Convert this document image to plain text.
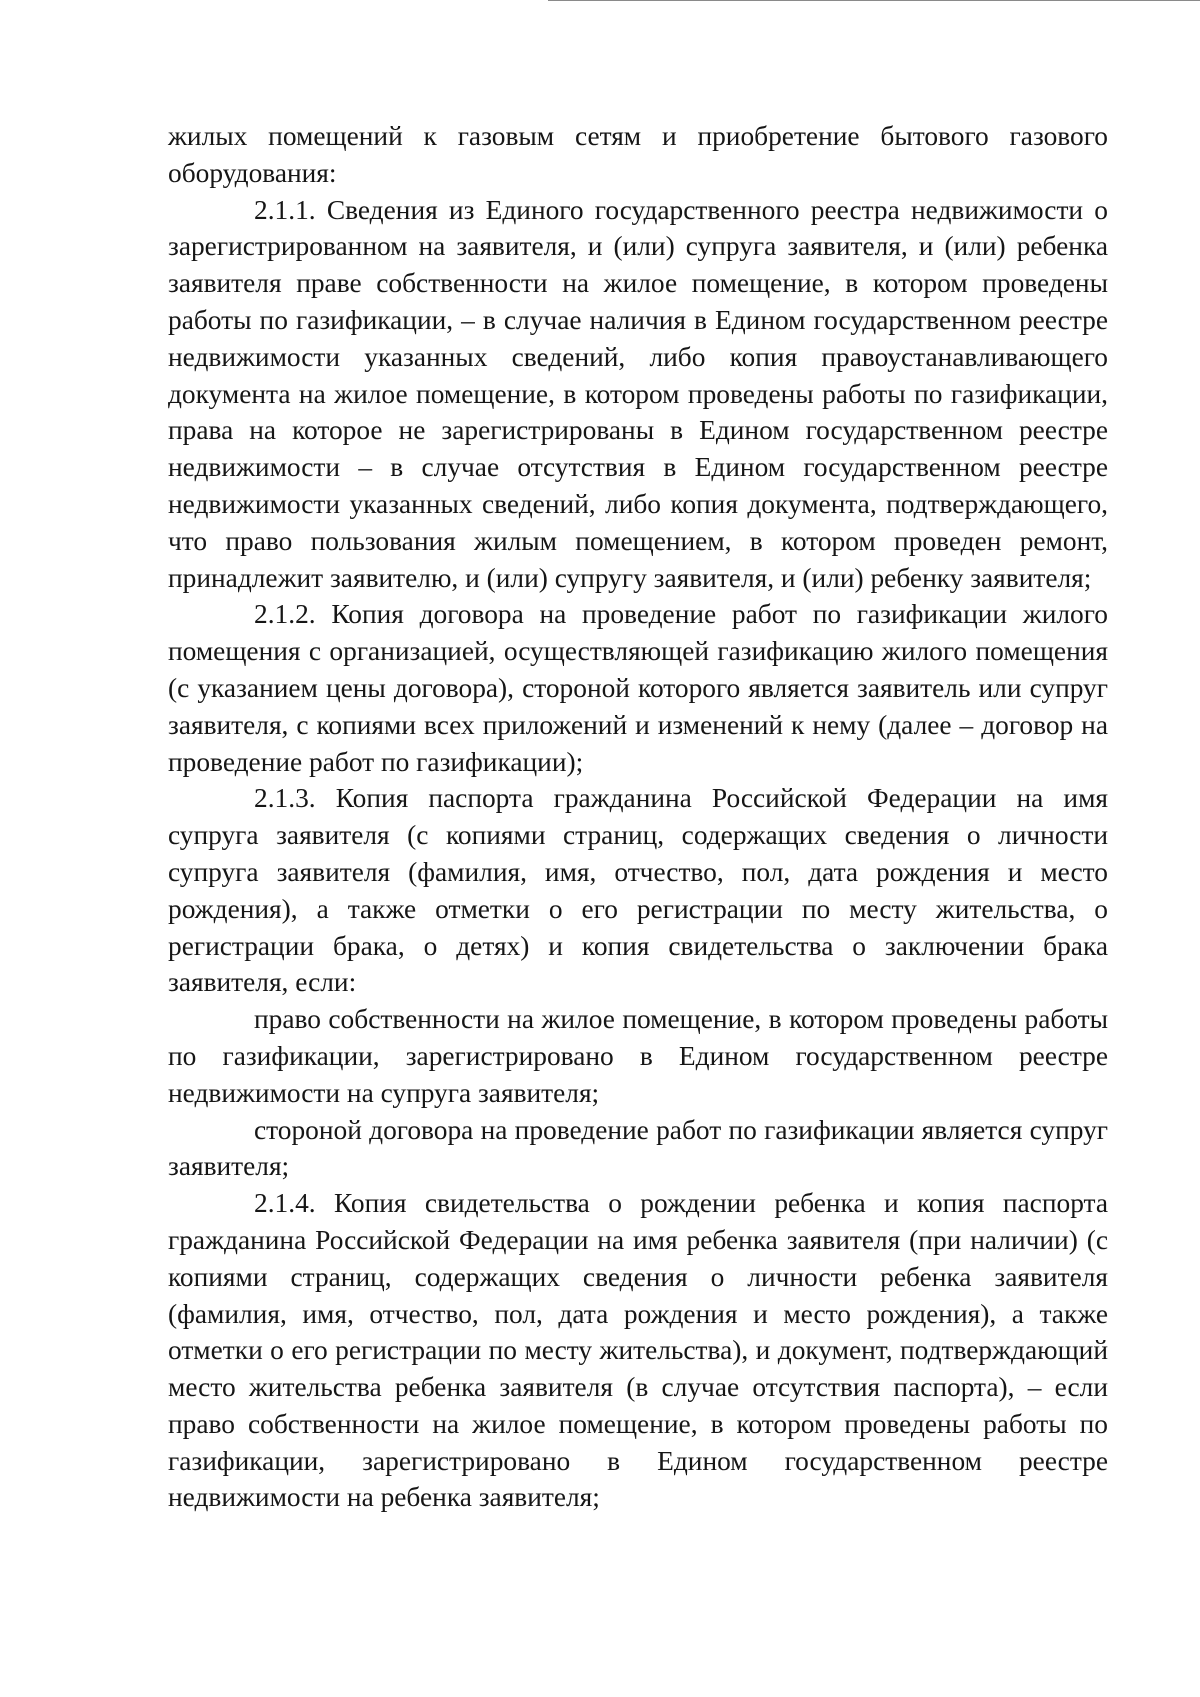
жилых помещений к газовым сетям и приобретение бытового газового оборудования:

2.1.1. Сведения из Единого государственного реестра недвижимости о зарегистрированном на заявителя, и (или) супруга заявителя, и (или) ребенка заявителя праве собственности на жилое помещение, в котором проведены работы по газификации, – в случае наличия в Едином государственном реестре недвижимости указанных сведений, либо копия правоустанавливающего документа на жилое помещение, в котором проведены работы по газификации, права на которое не зарегистрированы в Едином государственном реестре недвижимости – в случае отсутствия в Едином государственном реестре недвижимости указанных сведений, либо копия документа, подтверждающего, что право пользования жилым помещением, в котором проведен ремонт, принадлежит заявителю, и (или) супругу заявителя, и (или) ребенку заявителя;

2.1.2. Копия договора на проведение работ по газификации жилого помещения с организацией, осуществляющей газификацию жилого помещения (с указанием цены договора), стороной которого является заявитель или супруг заявителя, с копиями всех приложений и изменений к нему (далее – договор на проведение работ по газификации);

2.1.3. Копия паспорта гражданина Российской Федерации на имя супруга заявителя (с копиями страниц, содержащих сведения о личности супруга заявителя (фамилия, имя, отчество, пол, дата рождения и место рождения), а также отметки о его регистрации по месту жительства, о регистрации брака, о детях) и копия свидетельства о заключении брака заявителя, если:

право собственности на жилое помещение, в котором проведены работы по газификации, зарегистрировано в Едином государственном реестре недвижимости на супруга заявителя;

стороной договора на проведение работ по газификации является супруг заявителя;

2.1.4. Копия свидетельства о рождении ребенка и копия паспорта гражданина Российской Федерации на имя ребенка заявителя (при наличии) (с копиями страниц, содержащих сведения о личности ребенка заявителя (фамилия, имя, отчество, пол, дата рождения и место рождения), а также отметки о его регистрации по месту жительства), и документ, подтверждающий место жительства ребенка заявителя (в случае отсутствия паспорта), – если право собственности на жилое помещение, в котором проведены работы по газификации, зарегистрировано в Едином государственном реестре недвижимости на ребенка заявителя;
